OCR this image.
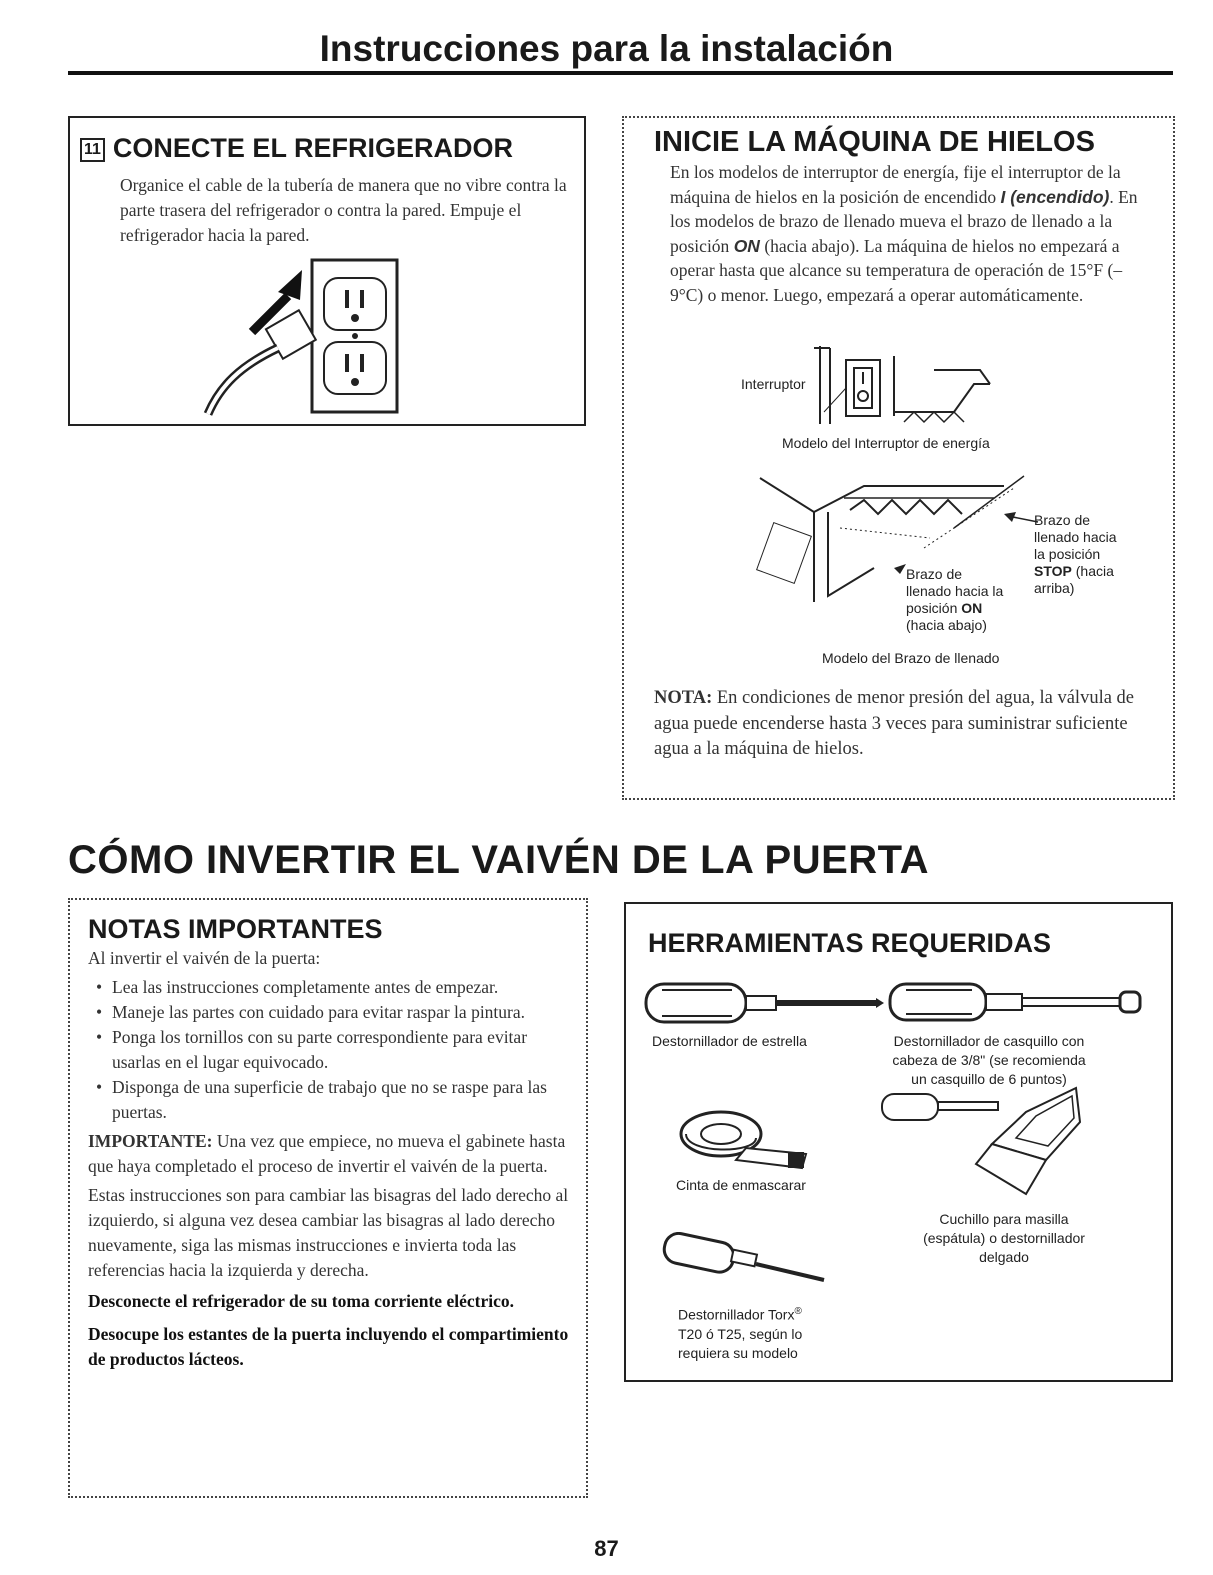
Instrucciones para la instalación
11 CONECTE EL REFRIGERADOR
Organice el cable de la tubería de manera que no vibre contra la parte trasera del refrigerador o contra la pared. Empuje el refrigerador hacia la pared.
INICIE LA MÁQUINA DE HIELOS
En los modelos de interruptor de energía, fije el interruptor de la máquina de hielos en la posición de encendido I (encendido). En los modelos de brazo de llenado mueva el brazo de llenado a la posición ON (hacia abajo). La máquina de hielos no empezará a operar hasta que alcance su temperatura de operación de 15°F (–9°C) o menor. Luego, empezará a operar automáticamente.
Interruptor
Modelo del Interruptor de energía
Brazo de
llenado hacia la
posición ON
(hacia abajo)
Brazo de
llenado hacia
la posición
STOP (hacia
arriba)
Modelo del Brazo de llenado
NOTA: En condiciones de menor presión del agua, la válvula de agua puede encenderse hasta 3 veces para suministrar suficiente agua a la máquina de hielos.
CÓMO INVERTIR EL VAIVÉN DE LA PUERTA
NOTAS IMPORTANTES
Al invertir el vaivén de la puerta:
• Lea las instrucciones completamente antes de empezar.
• Maneje las partes con cuidado para evitar raspar la pintura.
• Ponga los tornillos con su parte correspondiente para evitar usarlas en el lugar equivocado.
• Disponga de una superficie de trabajo que no se raspe para las puertas.
IMPORTANTE: Una vez que empiece, no mueva el gabinete hasta que haya completado el proceso de invertir el vaivén de la puerta.
Estas instrucciones son para cambiar las bisagras del lado derecho al izquierdo, si alguna vez desea cambiar las bisagras al lado derecho nuevamente, siga las mismas instrucciones e invierta toda las referencias hacia la izquierda y derecha.
Desconecte el refrigerador de su toma corriente eléctrico.
Desocupe los estantes de la puerta incluyendo el compartimiento de productos lácteos.
HERRAMIENTAS REQUERIDAS
Destornillador de estrella	Destornillador de casquillo con
cabeza de 3/8" (se recomienda
un casquillo de 6 puntos)
Cinta de enmascarar
Cuchillo para masilla
(espátula) o destornillador
delgado
Destornillador Torx®
T20 ó T25, según lo
requiera su modelo
87
